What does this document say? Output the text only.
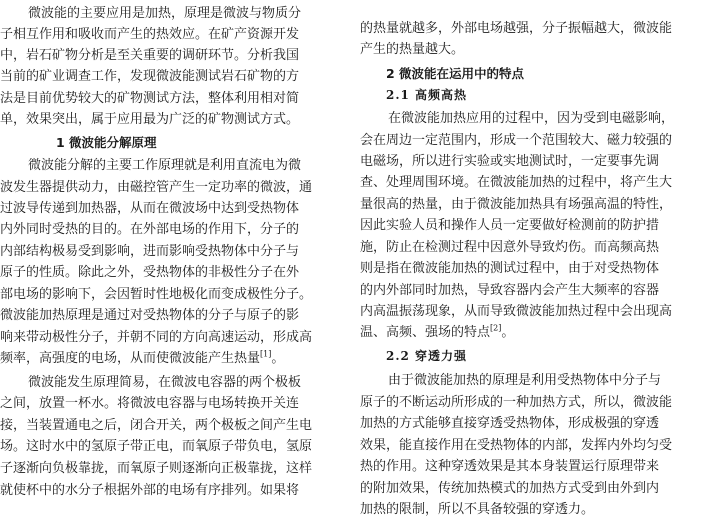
微波能的主要应用是加热，原理是微波与物质分
子相互作用和吸收而产生的热效应。在矿产资源开发
中，岩石矿物分析是至关重要的调研环节。分析我国
当前的矿业调查工作，发现微波能测试岩石矿物的方
法是目前优势较大的矿物测试方法，整体利用相对简
单，效果突出，属于应用最为广泛的矿物测试方式。
1 微波能分解原理
微波能分解的主要工作原理就是利用直流电为微
波发生器提供动力，由磁控管产生一定功率的微波，通
过波导传递到加热器，从而在微波场中达到受热物体
内外同时受热的目的。在外部电场的作用下，分子的
内部结构极易受到影响，进而影响受热物体中分子与
原子的性质。除此之外，受热物体的非极性分子在外
部电场的影响下，会因暂时性地极化而变成极性分子。
微波能加热原理是通过对受热物体的分子与原子的影
响来带动极性分子，并朝不同的方向高速运动，形成高
频率，高强度的电场，从而使微波能产生热量[1]。
微波能发生原理简易，在微波电容器的两个极板
之间，放置一杯水。将微波电容器与电场转换开关连
接，当装置通电之后，闭合开关，两个极板之间产生电
场。这时水中的氢原子带正电，而氧原子带负电，氢原
子逐渐向负极靠拢，而氧原子则逐渐向正极靠拢，这样
就使杯中的水分子根据外部的电场有序排列。如果将
的热量就越多，外部电场越强，分子振幅越大，微波能
产生的热量越大。
2 微波能在运用中的特点
2.1 高频高热
在微波能加热应用的过程中，因为受到电磁影响，
会在周边一定范围内，形成一个范围较大、磁力较强的
电磁场，所以进行实验或实地测试时，一定要事先调
查、处理周围环境。在微波能加热的过程中，将产生大
量很高的热量，由于微波能加热具有场强高温的特性，
因此实验人员和操作人员一定要做好检测前的防护措
施，防止在检测过程中因意外导致灼伤。而高频高热
则是指在微波能加热的测试过程中，由于对受热物体
的内外部同时加热，导致容器内会产生大频率的容器
内高温振荡现象，从而导致微波能加热过程中会出现高
温、高频、强场的特点[2]。
2.2 穿透力强
由于微波能加热的原理是利用受热物体中分子与
原子的不断运动所形成的一种加热方式，所以，微波能
加热的方式能够直接穿透受热物体，形成极强的穿透
效果，能直接作用在受热物体的内部，发挥内外均匀受
热的作用。这种穿透效果是其本身装置运行原理带来
的附加效果，传统加热模式的加热方式受到由外到内
加热的限制，所以不具备较强的穿透力。
